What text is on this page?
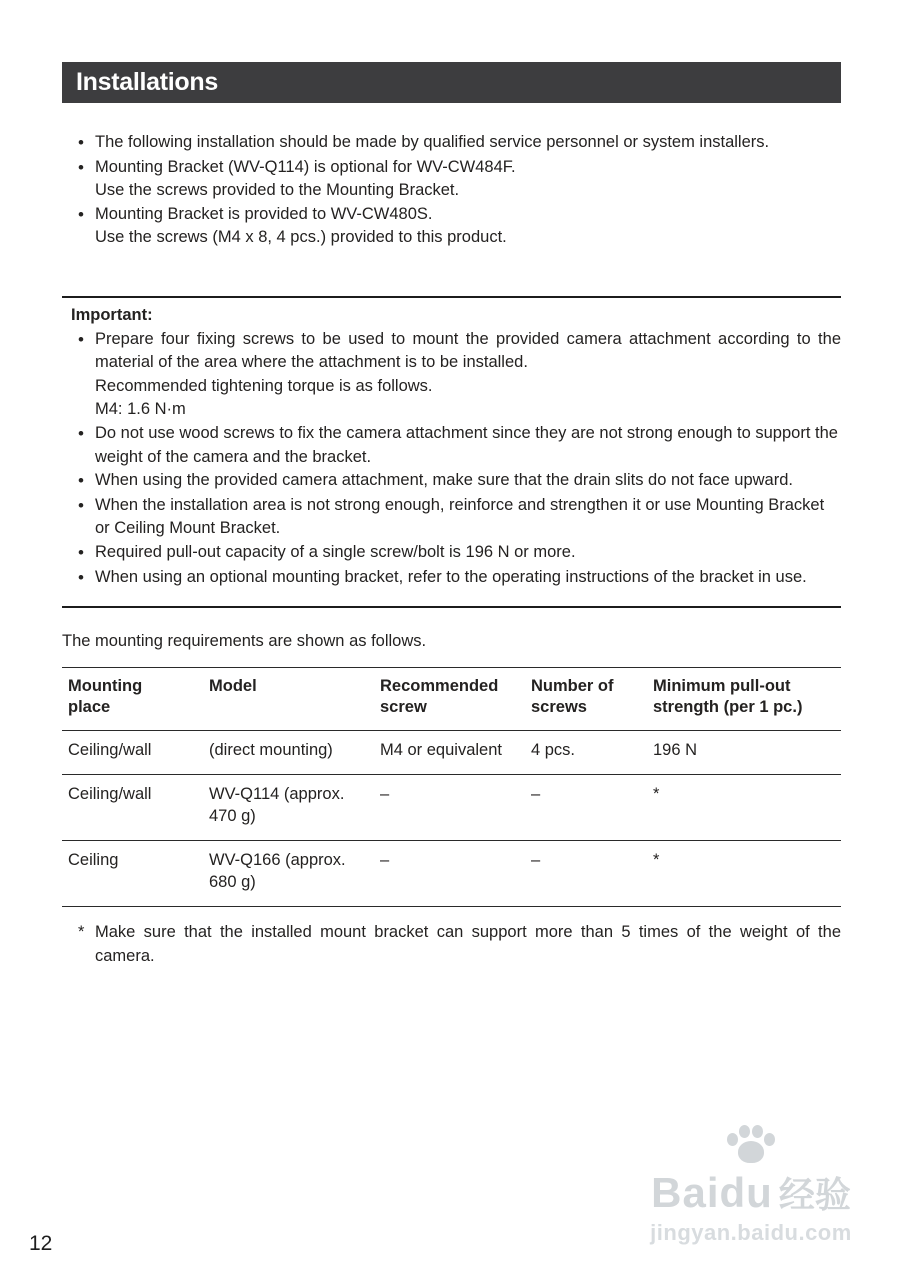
Installations
•
The following installation should be made by qualified service personnel or system installers.
•
Mounting Bracket (WV-Q114) is optional for WV-CW484F.
Use the screws provided to the Mounting Bracket.
•
Mounting Bracket is provided to WV-CW480S.
Use the screws (M4 x 8, 4 pcs.) provided to this product.
Important:
•
Prepare four fixing screws to be used to mount the provided camera attachment according to the material of the area where the attachment is to be installed.
Recommended tightening torque is as follows.
M4: 1.6 N·m
•
Do not use wood screws to fix the camera attachment since they are not strong enough to support the weight of the camera and the bracket.
•
When using the provided camera attachment, make sure that the drain slits do not face upward.
•
When the installation area is not strong enough, reinforce and strengthen it or use Mounting Bracket or Ceiling Mount Bracket.
•
Required pull-out capacity of a single screw/bolt is 196 N or more.
•
When using an optional mounting bracket, refer to the operating instructions of the bracket in use.
The mounting requirements are shown as follows.
Mounting place	Model	Recommended screw	Number of screws	Minimum pull-out strength (per 1 pc.)
Ceiling/wall	(direct mounting)	M4 or equivalent	4 pcs.	196 N
Ceiling/wall	WV-Q114 (approx. 470 g)	–	–	*
Ceiling	WV-Q166 (approx. 680 g)	–	–	*
* Make sure that the installed mount bracket can support more than 5 times of the weight of the camera.
12
Baidu 经验
jingyan.baidu.com
